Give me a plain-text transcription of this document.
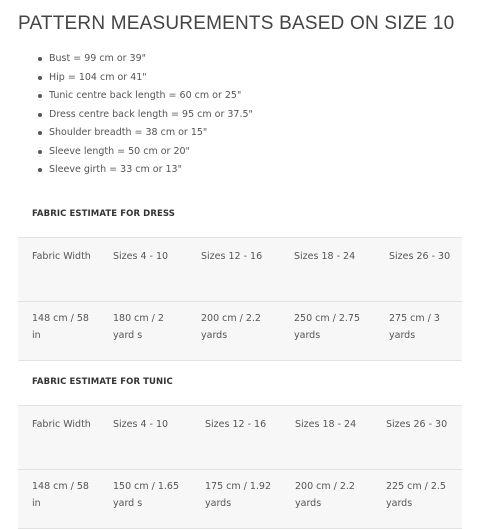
PATTERN MEASUREMENTS BASED ON SIZE 10
Bust = 99 cm or 39"
Hip = 104 cm or 41"
Tunic centre back length = 60 cm or 25"
Dress centre back length = 95 cm or 37.5"
Shoulder breadth = 38 cm or 15"
Sleeve length = 50 cm or 20"
Sleeve girth = 33 cm or 13"
FABRIC ESTIMATE FOR DRESS
Fabric Width	Sizes 4 - 10	Sizes 12 - 16	Sizes 18 - 24	Sizes 26 - 30
148 cm / 58 in	180 cm / 2 yard s	200 cm / 2.2 yards	250 cm / 2.75 yards	275 cm / 3 yards
FABRIC ESTIMATE FOR TUNIC
Fabric Width	Sizes 4 - 10	Sizes 12 - 16	Sizes 18 - 24	Sizes 26 - 30
148 cm / 58 in	150 cm / 1.65 yard s	175 cm / 1.92 yards	200 cm / 2.2 yards	225 cm / 2.5 yards
